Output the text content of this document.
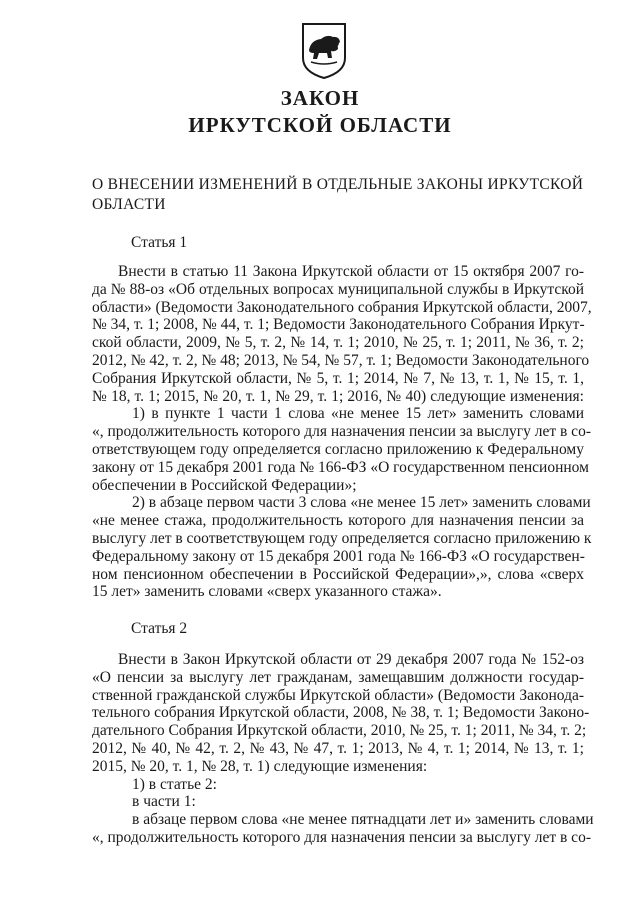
ЗАКОН
ИРКУТСКОЙ ОБЛАСТИ
О ВНЕСЕНИИ ИЗМЕНЕНИЙ В ОТДЕЛЬНЫЕ ЗАКОНЫ ИРКУТСКОЙ
ОБЛАСТИ
Статья 1
Внести в статью 11 Закона Иркутской области от 15 октября 2007 го-
да № 88-оз «Об отдельных вопросах муниципальной службы в Иркутской
области» (Ведомости Законодательного собрания Иркутской области, 2007,
№ 34, т. 1; 2008, № 44, т. 1; Ведомости Законодательного Собрания Иркут-
ской области, 2009, № 5, т. 2, № 14, т. 1; 2010, № 25, т. 1; 2011, № 36, т. 2;
2012, № 42, т. 2, № 48; 2013, № 54, № 57, т. 1; Ведомости Законодательного
Собрания Иркутской области, № 5, т. 1; 2014, № 7, № 13, т. 1, № 15, т. 1,
№ 18, т. 1; 2015, № 20, т. 1, № 29, т. 1; 2016, № 40) следующие изменения:
1) в пункте 1 части 1 слова «не менее 15 лет» заменить словами
«, продолжительность которого для назначения пенсии за выслугу лет в со-
ответствующем году определяется согласно приложению к Федеральному
закону от 15 декабря 2001 года № 166-ФЗ «О государственном пенсионном
обеспечении в Российской Федерации»;
2) в абзаце первом части 3 слова «не менее 15 лет» заменить словами
«не менее стажа, продолжительность которого для назначения пенсии за
выслугу лет в соответствующем году определяется согласно приложению к
Федеральному закону от 15 декабря 2001 года № 166-ФЗ «О государствен-
ном пенсионном обеспечении в Российской Федерации»,», слова «сверх
15 лет» заменить словами «сверх указанного стажа».
Статья 2
Внести в Закон Иркутской области от 29 декабря 2007 года № 152-оз
«О пенсии за выслугу лет гражданам, замещавшим должности государ-
ственной гражданской службы Иркутской области» (Ведомости Законода-
тельного собрания Иркутской области, 2008, № 38, т. 1; Ведомости Законо-
дательного Собрания Иркутской области, 2010, № 25, т. 1; 2011, № 34, т. 2;
2012, № 40, № 42, т. 2, № 43, № 47, т. 1; 2013, № 4, т. 1; 2014, № 13, т. 1;
2015, № 20, т. 1, № 28, т. 1) следующие изменения:
1) в статье 2:
в части 1:
в абзаце первом слова «не менее пятнадцати лет и» заменить словами
«, продолжительность которого для назначения пенсии за выслугу лет в со-
